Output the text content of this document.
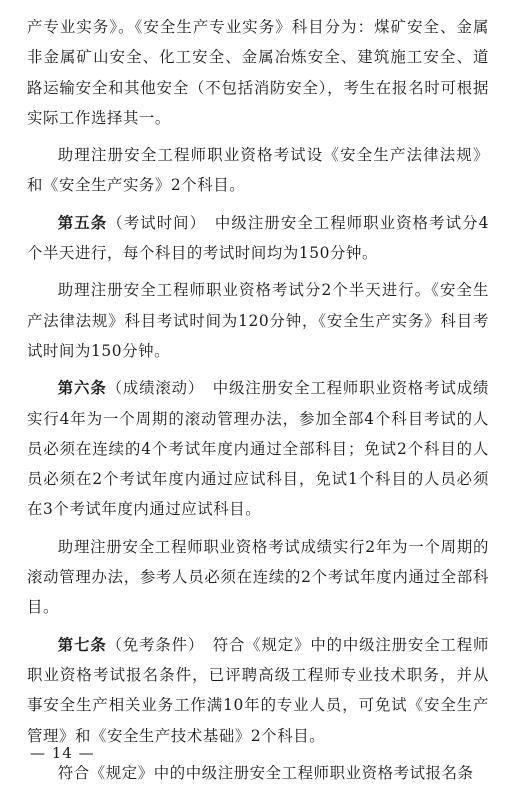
产专业实务》。《安全生产专业实务》科目分为：煤矿安全、金属非金属矿山安全、化工安全、金属冶炼安全、建筑施工安全、道路运输安全和其他安全（不包括消防安全），考生在报名时可根据实际工作选择其一。

助理注册安全工程师职业资格考试设《安全生产法律法规》和《安全生产实务》2个科目。

第五条（考试时间）　中级注册安全工程师职业资格考试分4个半天进行，每个科目的考试时间均为150分钟。

助理注册安全工程师职业资格考试分2个半天进行。《安全生产法律法规》科目考试时间为120分钟，《安全生产实务》科目考试时间为150分钟。

第六条（成绩滚动）　中级注册安全工程师职业资格考试成绩实行4年为一个周期的滚动管理办法，参加全部4个科目考试的人员必须在连续的4个考试年度内通过全部科目；免试2个科目的人员必须在2个考试年度内通过应试科目，免试1个科目的人员必须在3个考试年度内通过应试科目。

助理注册安全工程师职业资格考试成绩实行2年为一个周期的滚动管理办法，参考人员必须在连续的2个考试年度内通过全部科目。

第七条（免考条件）　符合《规定》中的中级注册安全工程师职业资格考试报名条件，已评聘高级工程师专业技术职务，并从事安全生产相关业务工作满10年的专业人员，可免试《安全生产管理》和《安全生产技术基础》2个科目。

符合《规定》中的中级注册安全工程师职业资格考试报名条

— 14 —
